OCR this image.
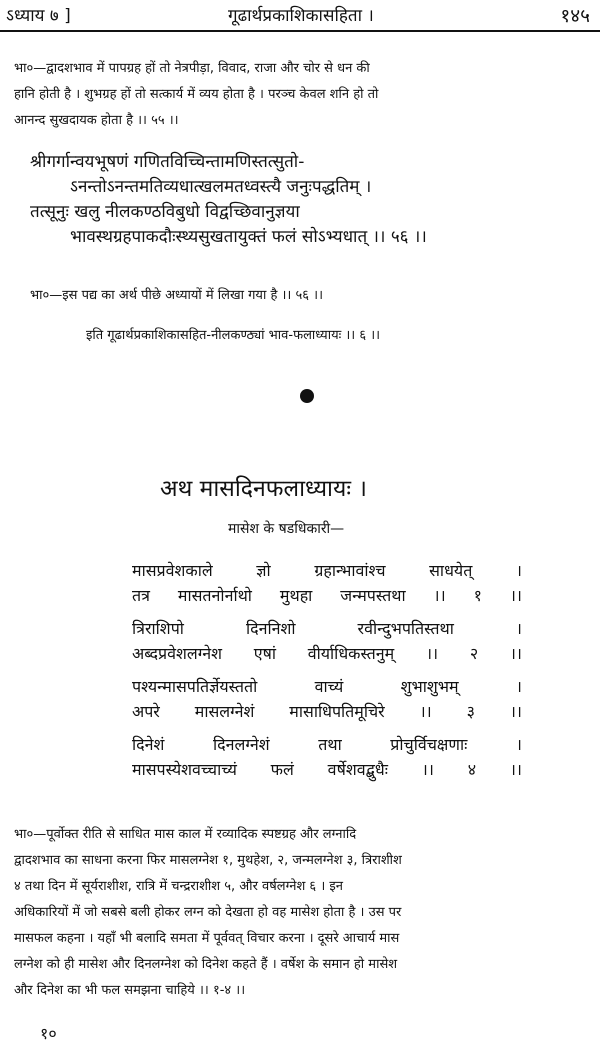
ऽध्याय ७ ]	गूढार्थप्रकाशिकासहिता ।	१४५
भा०—द्वादशभाव में पापग्रह हों तो नेत्रपीड़ा, विवाद, राजा और चोर से धन की
हानि होती है । शुभग्रह हों तो सत्कार्य में व्यय होता है । परञ्च केवल शनि हो तो
आनन्द सुखदायक होता है ।। ५५ ।।
श्रीगर्गान्वयभूषणं गणितविच्चिन्तामणिस्तत्सुतो-
ऽनन्तोऽनन्तमतिव्यधात्खलमतध्वस्त्यै जनुःपद्धतिम् ।
तत्सूनुः खलु नीलकण्ठविबुधो विद्वच्छिवानुज्ञया
भावस्थग्रहपाकदौःस्थ्यसुखतायुक्तं फलं सोऽभ्यधात् ।। ५६ ।।
भा०—इस पद्य का अर्थ पीछे अध्यायों में लिखा गया है ।। ५६ ।।
इति गूढार्थप्रकाशिकासहित-नीलकण्ठ्यां भाव-फलाध्यायः ।। ६ ।।
अथ मासदिनफलाध्यायः ।
मासेश के षडधिकारी—
मासप्रवेशकाले ज्ञो ग्रहान्भावांश्च साधयेत् ।
तत्र मासतनोर्नाथो मुथहा जन्मपस्तथा ।। १ ।।
त्रिराशिपो दिननिशो रवीन्दुभपतिस्तथा ।
अब्दप्रवेशलग्नेश एषां वीर्याधिकस्तनुम् ।। २ ।।
पश्यन्मासपतिर्ज्ञेयस्ततो वाच्यं शुभाशुभम् ।
अपरे मासलग्नेशं मासाधिपतिमूचिरे ।। ३ ।।
दिनेशं दिनलग्नेशं तथा प्रोचुर्विचक्षणाः ।
मासपस्येशवच्चाच्यं फलं वर्षेशवद्बुधैः ।। ४ ।।
भा०—पूर्वोक्त रीति से साधित मास काल में रव्यादिक स्पष्टग्रह और लग्नादि
द्वादशभाव का साधना करना फिर मासलग्नेश १, मुथहेश, २, जन्मलग्नेश ३, त्रिराशीश
४ तथा दिन में सूर्यराशीश, रात्रि में चन्द्रराशीश ५, और वर्षलग्नेश ६ । इन
अधिकारियों में जो सबसे बली होकर लग्न को देखता हो वह मासेश होता है । उस पर
मासफल कहना । यहाँ भी बलादि समता में पूर्ववत् विचार करना । दूसरे आचार्य मास
लग्नेश को ही मासेश और दिनलग्नेश को दिनेश कहते हैं । वर्षेश के समान हो मासेश
और दिनेश का भी फल समझना चाहिये ।। १-४ ।।
१०
